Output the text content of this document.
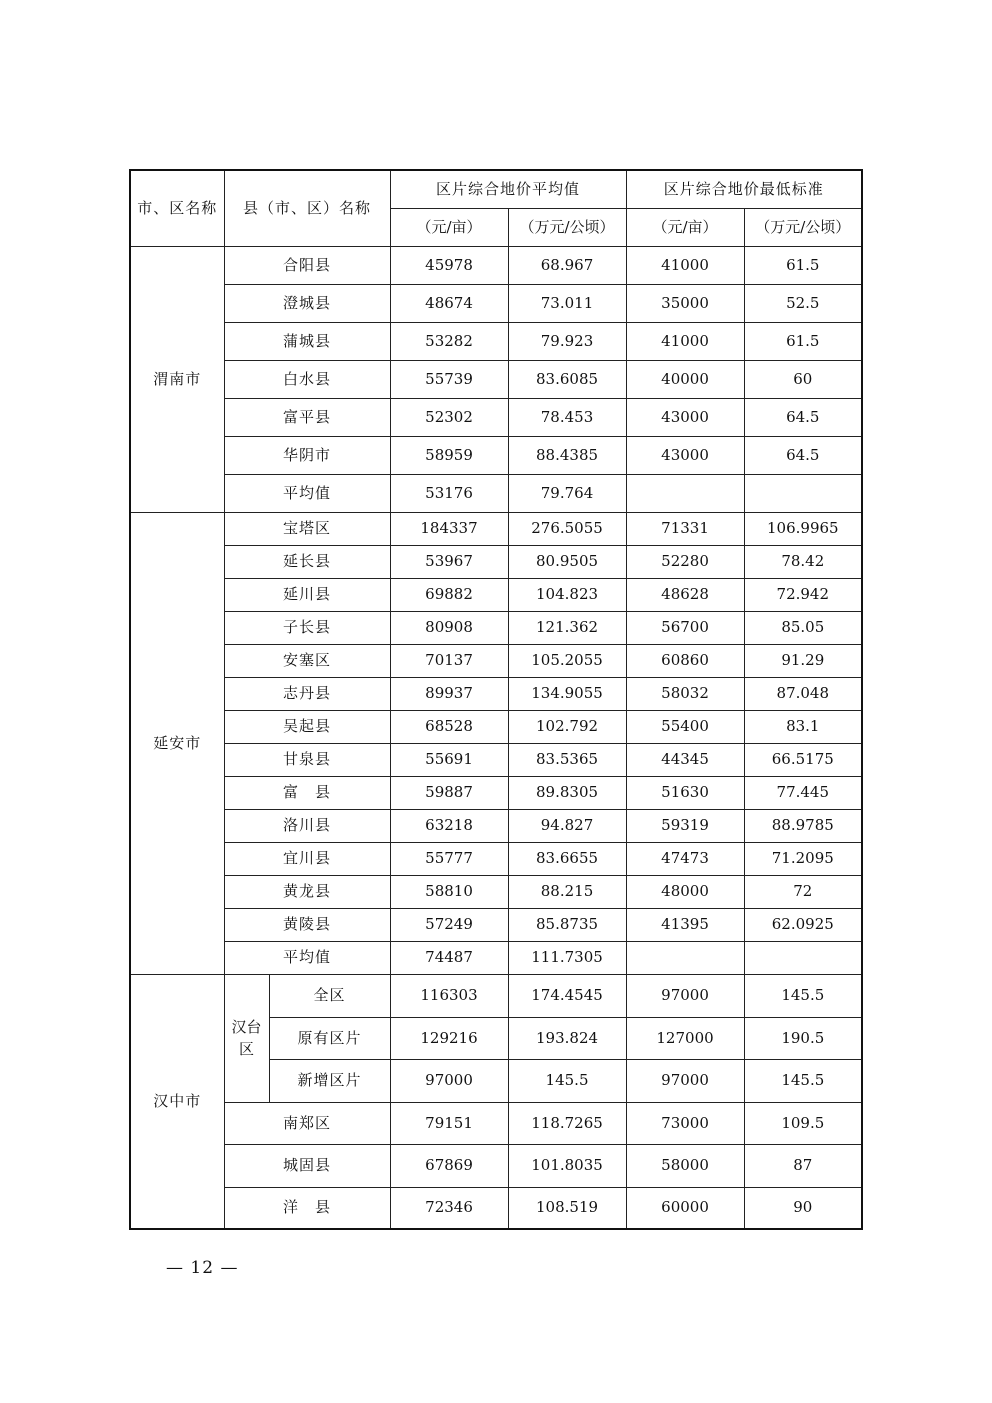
市、区名称	县（市、区）名称		区片综合地价平均值		区片综合地价最低标准	
			（元/亩）	（万元/公顷）	（元/亩）	（万元/公顷）
渭南市	合阳县		45978	68.967	41000	61.5
	澄城县		48674	73.011	35000	52.5
	蒲城县		53282	79.923	41000	61.5
	白水县		55739	83.6085	40000	60
	富平县		52302	78.453	43000	64.5
	华阴市		58959	88.4385	43000	64.5
	平均值		53176	79.764		
延安市	宝塔区		184337	276.5055	71331	106.9965
	延长县		53967	80.9505	52280	78.42
	延川县		69882	104.823	48628	72.942
	子长县		80908	121.362	56700	85.05
	安塞区		70137	105.2055	60860	91.29
	志丹县		89937	134.9055	58032	87.048
	吴起县		68528	102.792	55400	83.1
	甘泉县		55691	83.5365	44345	66.5175
	富　县		59887	89.8305	51630	77.445
	洛川县		63218	94.827	59319	88.9785
	宜川县		55777	83.6655	47473	71.2095
	黄龙县		58810	88.215	48000	72
	黄陵县		57249	85.8735	41395	62.0925
	平均值		74487	111.7305		
汉中市	汉台区	全区	116303	174.4545	97000	145.5
		原有区片	129216	193.824	127000	190.5
		新增区片	97000	145.5	97000	145.5
	南郑区		79151	118.7265	73000	109.5
	城固县		67869	101.8035	58000	87
	洋　县		72346	108.519	60000	90
— 12 —
